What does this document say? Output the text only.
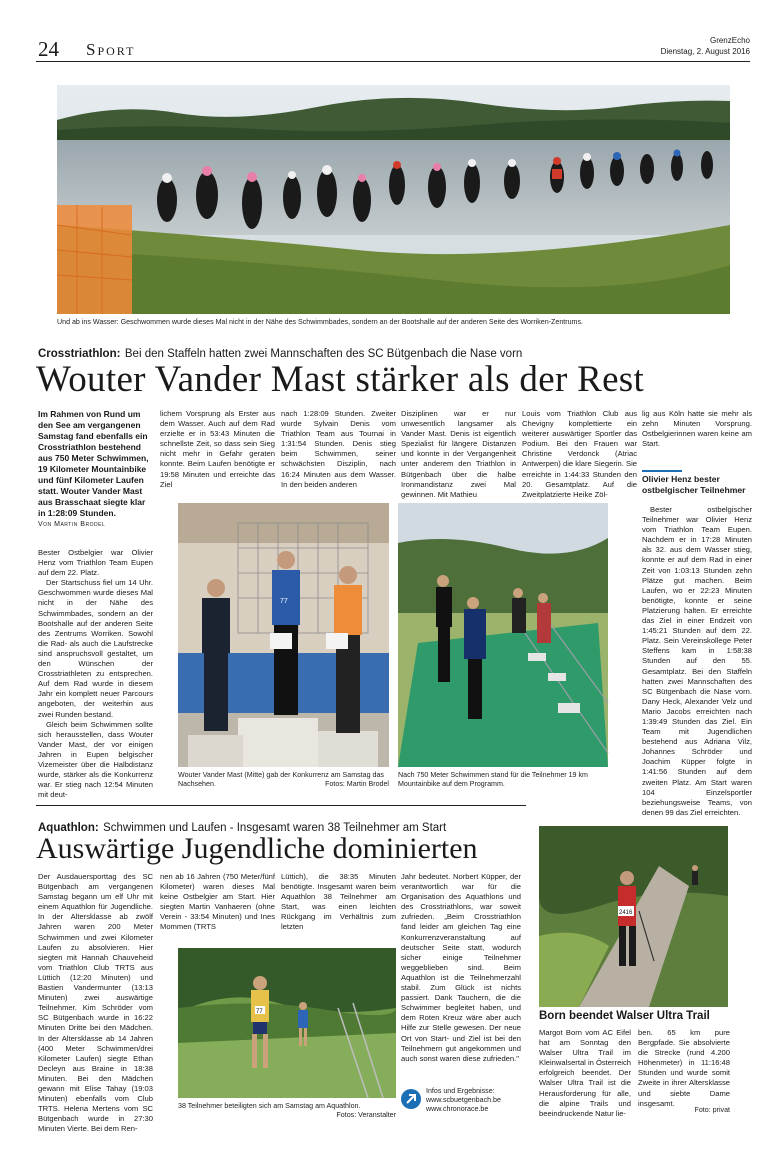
24 Sport	GrenzEcho
Dienstag, 2. August 2016
Und ab ins Wasser: Geschwommen wurde dieses Mal nicht in der Nähe des Schwimmbades, sondern an der Bootshalle auf der anderen Seite des Worriken-Zentrums.
Crosstriathlon: Bei den Staffeln hatten zwei Mannschaften des SC Bütgenbach die Nase vorn
Wouter Vander Mast stärker als der Rest

Im Rahmen von Rund um den See am vergangenen Samstag fand ebenfalls ein Crosstriathlon bestehend aus 750 Meter Schwimmen, 19 Kilometer Mountainbike und fünf Kilometer Laufen statt. Wouter Vander Mast aus Brasschaat siegte klar in 1:28:09 Stunden.

Von Martin Brodel

Bester Ostbelgier war Olivier Henz vom Triathlon Team Eupen auf dem 22. Platz.

Der Startschuss fiel um 14 Uhr. Geschwommen wurde dieses Mal nicht in der Nähe des Schwimmbades, sondern an der Bootshalle auf der anderen Seite des Zentrums Worriken. Sowohl die Rad- als auch die Laufstrecke sind anspruchsvoll gestaltet, um den Wünschen der Crosstriathleten zu entsprechen. Auf dem Rad wurde in diesem Jahr ein komplett neuer Parcours angeboten, der weiterhin aus zwei Runden bestand.

Gleich beim Schwimmen sollte sich herausstellen, dass Wouter Vander Mast, der vor einigen Jahren in Eupen belgischer Vizemeister über die Halbdistanz wurde, stärker als die Konkurrenz war. Er stieg nach 12:54 Minuten mit deut-

lichem Vorsprung als Erster aus dem Wasser. Auch auf dem Rad erzielte er in 53:43 Minuten die schnellste Zeit, so dass sein Sieg nicht mehr in Gefahr geraten konnte. Beim Laufen benötigte er 19:58 Minuten und erreichte das Ziel

nach 1:28:09 Stunden. Zweiter wurde Sylvain Denis vom Triathlon Team aus Tournai in 1:31:54 Stunden. Denis stieg beim Schwimmen, seiner schwächsten Disziplin, nach 16:24 Minuten aus dem Wasser. In den beiden anderen

Disziplinen war er nur unwesentlich langsamer als Vander Mast. Denis ist eigentlich Spezialist für längere Distanzen und konnte in der Vergangenheit unter anderem den Triathlon in Bütgenbach über die halbe Ironmandistanz zwei Mal gewinnen. Mit Mathieu

Louis vom Triathlon Club aus Chevigny komplettierte ein weiterer auswärtiger Sportler das Podium. Bei den Frauen war Christine Verdonck (Atriac Antwerpen) die klare Siegerin. Sie erreichte in 1:44:33 Stunden den 20. Gesamtplatz. Auf die Zweitplatzierte Heike Zöl-

lig aus Köln hatte sie mehr als zehn Minuten Vorsprung. Ostbelgierinnen waren keine am Start.

Olivier Henz bester ostbelgischer Teilnehmer

Bester ostbelgischer Teilnehmer war Olivier Henz vom Triathlon Team Eupen. Nachdem er in 17:28 Minuten als 32. aus dem Wasser stieg, konnte er auf dem Rad in einer Zeit von 1:03:13 Stunden zehn Plätze gut machen. Beim Laufen, wo er 22:23 Minuten benötigte, konnte er seine Platzierung halten. Er erreichte das Ziel in einer Endzeit von 1:45:21 Stunden auf dem 22. Platz. Sein Vereinskollege Peter Steffens kam in 1:58:38 Stunden auf den 55. Gesamtplatz. Bei den Staffeln hatten zwei Mannschaften des SC Bütgenbach die Nase vorn. Dany Heck, Alexander Velz und Mario Jacobs erreichten nach 1:39:49 Stunden das Ziel. Ein Team mit Jugendlichen bestehend aus Adriana Vilz, Johannes Schröder und Joachim Küpper folgte in 1:41:56 Stunden auf dem zweiten Platz. Am Start waren 104 Einzelsportler beziehungsweise Teams, von denen 99 das Ziel erreichten.

77
Wouter Vander Mast (Mitte) gab der Konkurrenz am Samstag das Nachsehen.	Fotos: Martin Brodel
Nach 750 Meter Schwimmen stand für die Teilnehmer 19 km Mountainbike auf dem Programm.
Aquathlon: Schwimmen und Laufen - Insgesamt waren 38 Teilnehmer am Start
Auswärtige Jugendliche dominierten

Der Ausdauersporttag des SC Bütgenbach am vergangenen Samstag begann um elf Uhr mit einem Aquathlon für Jugendliche. In der Altersklasse ab zwölf Jahren waren 200 Meter Schwimmen und zwei Kilometer Laufen zu absolvieren. Hier siegten mit Hannah Chauveheid vom Triathlon Club TRTS aus Lüttich (12:20 Minuten) und Bastien Vandermunter (13:13 Minuten) zwei auswärtige Teilnehmer. Kim Schröder vom SC Bütgenbach wurde in 16:22 Minuten Dritte bei den Mädchen. In der Altersklasse ab 14 Jahren (400 Meter Schwimmen/drei Kilometer Laufen) siegte Ethan Decleyn aus Braine in 18:38 Minuten. Bei den Mädchen gewann mit Elise Tahay (19:03 Minuten) ebenfalls vom Club TRTS. Helena Mertens vom SC Bütgenbach wurde in 27:30 Minuten Vierte. Bei dem Ren-

nen ab 16 Jahren (750 Meter/fünf Kilometer) waren dieses Mal keine Ostbelgier am Start. Hier siegten Martin Vanhaeren (ohne Verein - 33:54 Minuten) und Ines Mommen (TRTS

Lüttich), die 38:35 Minuten benötigte. Insgesamt waren beim Aquathlon 38 Teilnehmer am Start, was einen leichten Rückgang im Verhältnis zum letzten

Jahr bedeutet. Norbert Küpper, der verantwortlich war für die Organisation des Aquathlons und des Crosstriathlons, war soweit zufrieden. „Beim Crosstriathlon fand leider am gleichen Tag eine Konkurrenzveranstaltung auf deutscher Seite statt, wodurch sicher einige Teilnehmer weggeblieben sind. Beim Aquathlon ist die Teilnehmerzahl stabil. Zum Glück ist nichts passiert. Dank Tauchern, die die Schwimmer begleitet haben, und dem Roten Kreuz wäre aber auch Hilfe zur Stelle gewesen. Der neue Ort von Start- und Ziel ist bei den Teilnehmern gut angekommen und auch sonst waren diese zufrieden."

77
38 Teilnehmer beteiligten sich am Samstag am Aquathlon.
Fotos: Veranstalter
Infos und Ergebnisse:
www.scbuetgenbach.be
www.chronorace.be
2416
Born beendet Walser Ultra Trail

Margot Born vom AC Eifel hat am Sonntag den Walser Ultra Trail im Kleinwalsertal in Österreich erfolgreich beendet. Der Walser Ultra Trail ist die Herausforderung für alle, die alpine Trails und beeindruckende Natur lie-

ben. 65 km pure Bergpfade. Sie absolvierte die Strecke (rund 4.200 Höhenmeter) in 11:16:48 Stunden und wurde somit Zweite in ihrer Altersklasse und siebte Dame insgesamt.

Foto: privat
